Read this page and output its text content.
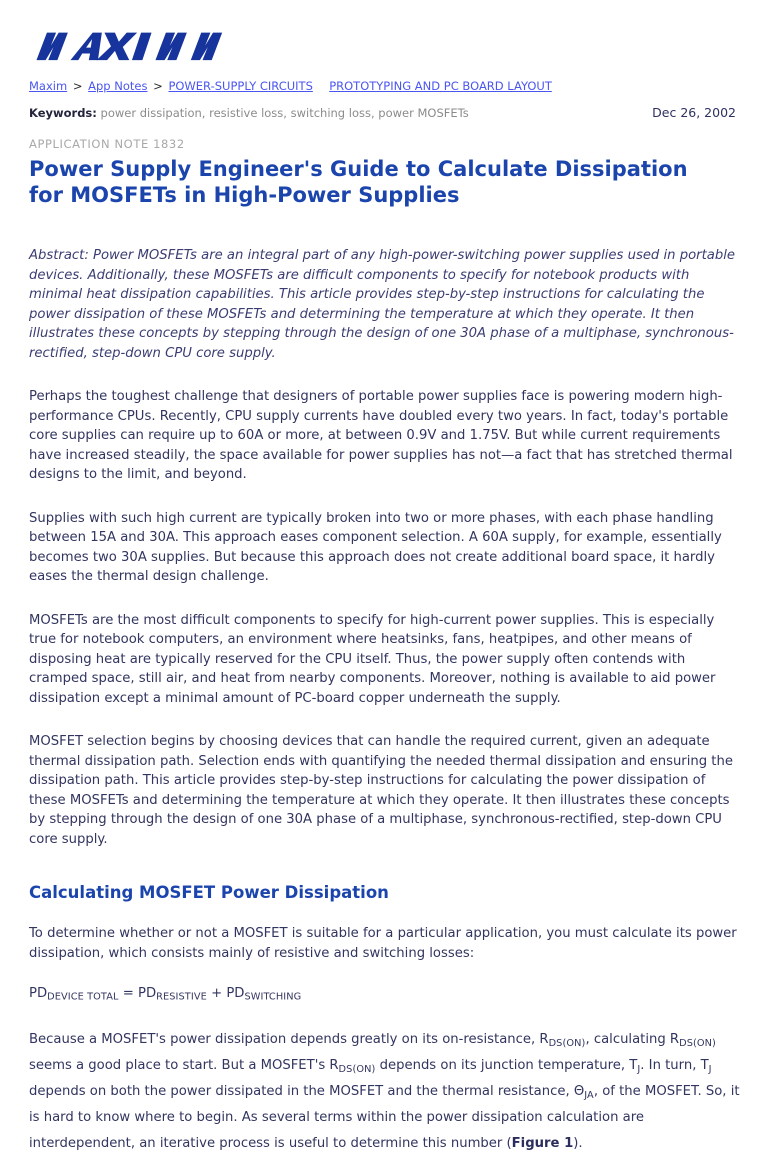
Maxim > App Notes > POWER-SUPPLY CIRCUITS PROTOTYPING AND PC BOARD LAYOUT
Keywords: power dissipation, resistive loss, switching loss, power MOSFETs	Dec 26, 2002
APPLICATION NOTE 1832
Power Supply Engineer's Guide to Calculate Dissipation for MOSFETs in High-Power Supplies
Abstract: Power MOSFETs are an integral part of any high-power-switching power supplies used in portable devices. Additionally, these MOSFETs are difficult components to specify for notebook products with minimal heat dissipation capabilities. This article provides step-by-step instructions for calculating the power dissipation of these MOSFETs and determining the temperature at which they operate. It then illustrates these concepts by stepping through the design of one 30A phase of a multiphase, synchronous-rectified, step-down CPU core supply.

Perhaps the toughest challenge that designers of portable power supplies face is powering modern high-performance CPUs. Recently, CPU supply currents have doubled every two years. In fact, today's portable core supplies can require up to 60A or more, at between 0.9V and 1.75V. But while current requirements have increased steadily, the space available for power supplies has not—a fact that has stretched thermal designs to the limit, and beyond.

Supplies with such high current are typically broken into two or more phases, with each phase handling between 15A and 30A. This approach eases component selection. A 60A supply, for example, essentially becomes two 30A supplies. But because this approach does not create additional board space, it hardly eases the thermal design challenge.

MOSFETs are the most difficult components to specify for high-current power supplies. This is especially true for notebook computers, an environment where heatsinks, fans, heatpipes, and other means of disposing heat are typically reserved for the CPU itself. Thus, the power supply often contends with cramped space, still air, and heat from nearby components. Moreover, nothing is available to aid power dissipation except a minimal amount of PC-board copper underneath the supply.

MOSFET selection begins by choosing devices that can handle the required current, given an adequate thermal dissipation path. Selection ends with quantifying the needed thermal dissipation and ensuring the dissipation path. This article provides step-by-step instructions for calculating the power dissipation of these MOSFETs and determining the temperature at which they operate. It then illustrates these concepts by stepping through the design of one 30A phase of a multiphase, synchronous-rectified, step-down CPU core supply.

Calculating MOSFET Power Dissipation

To determine whether or not a MOSFET is suitable for a particular application, you must calculate its power dissipation, which consists mainly of resistive and switching losses:

$PD_{DEVICE TOTAL} = PD_{RESISTIVE} + PD_{SWITCHING}$

Because a MOSFET's power dissipation depends greatly on its on-resistance, $R_{DS(ON)}$, calculating $R_{DS(ON)}$ seems a good place to start. But a MOSFET's $R_{DS(ON)}$ depends on its junction temperature, $T_J$. In turn, $T_J$ depends on both the power dissipated in the MOSFET and the thermal resistance, $\Theta_{JA}$, of the MOSFET. So, it is hard to know where to begin. As several terms within the power dissipation calculation are interdependent, an iterative process is useful to determine this number (Figure 1).
